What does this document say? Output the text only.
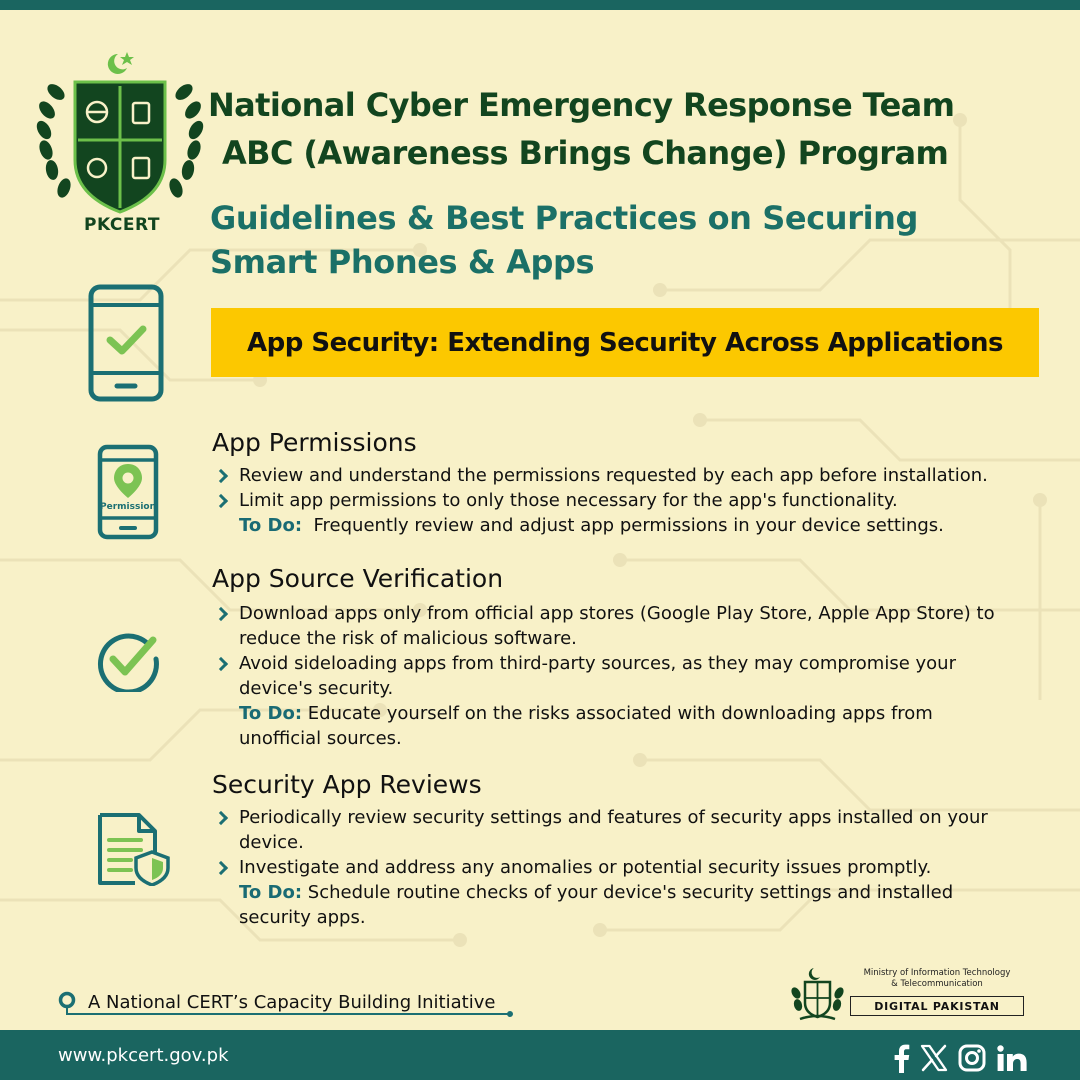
PKCERT
National Cyber Emergency Response Team
ABC (Awareness Brings Change) Program
Guidelines & Best Practices on Securing
Smart Phones & Apps
App Security: Extending Security Across Applications
Permission
App Permissions
Review and understand the permissions requested by each app before installation.
Limit app permissions to only those necessary for the app's functionality.
To Do: Frequently review and adjust app permissions in your device settings.
App Source Verification
Download apps only from official app stores (Google Play Store, Apple App Store) to reduce the risk of malicious software.
Avoid sideloading apps from third-party sources, as they may compromise your device's security.
To Do: Educate yourself on the risks associated with downloading apps from unofficial sources.
Security App Reviews
Periodically review security settings and features of security apps installed on your device.
Investigate and address any anomalies or potential security issues promptly.
To Do: Schedule routine checks of your device's security settings and installed security apps.
A National CERT’s Capacity Building Initiative
Ministry of Information Technology
& Telecommunication
DIGITAL PAKISTAN
www.pkcert.gov.pk
